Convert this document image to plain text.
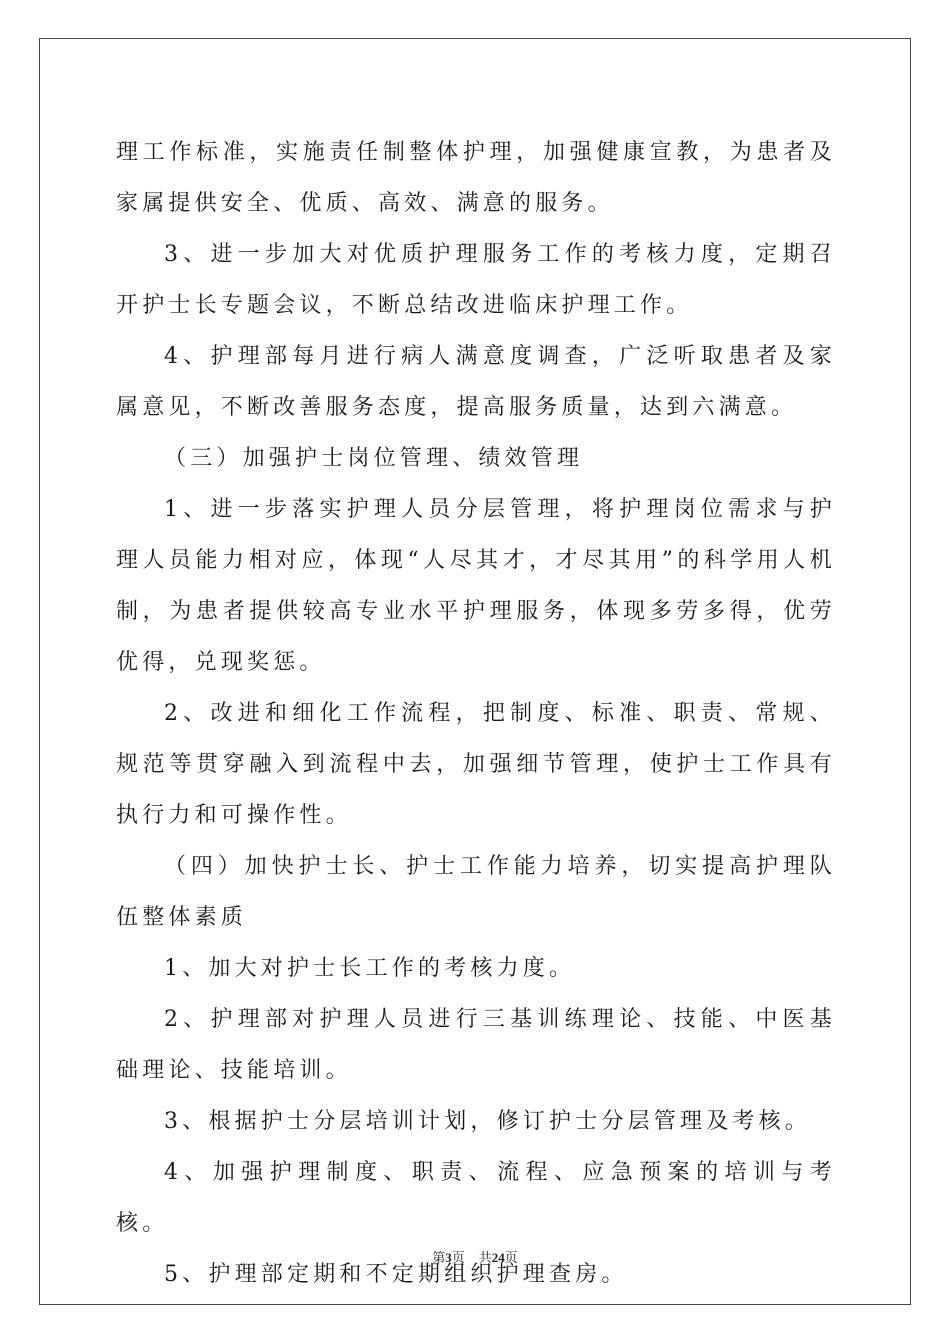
理工作标准，实施责任制整体护理，加强健康宣教，为患者及家属提供安全、优质、高效、满意的服务。

3、进一步加大对优质护理服务工作的考核力度，定期召开护士长专题会议，不断总结改进临床护理工作。

4、护理部每月进行病人满意度调查，广泛听取患者及家属意见，不断改善服务态度，提高服务质量，达到六满意。

（三）加强护士岗位管理、绩效管理

1、进一步落实护理人员分层管理，将护理岗位需求与护理人员能力相对应，体现“人尽其才，才尽其用”的科学用人机制，为患者提供较高专业水平护理服务，体现多劳多得，优劳优得，兑现奖惩。

2、改进和细化工作流程，把制度、标准、职责、常规、规范等贯穿融入到流程中去，加强细节管理，使护士工作具有执行力和可操作性。

（四）加快护士长、护士工作能力培养，切实提高护理队伍整体素质

1、加大对护士长工作的考核力度。

2、护理部对护理人员进行三基训练理论、技能、中医基础理论、技能培训。

3、根据护士分层培训计划，修订护士分层管理及考核。

4、加强护理制度、职责、流程、应急预案的培训与考核。

5、护理部定期和不定期组织护理查房。

第3页 共24页
